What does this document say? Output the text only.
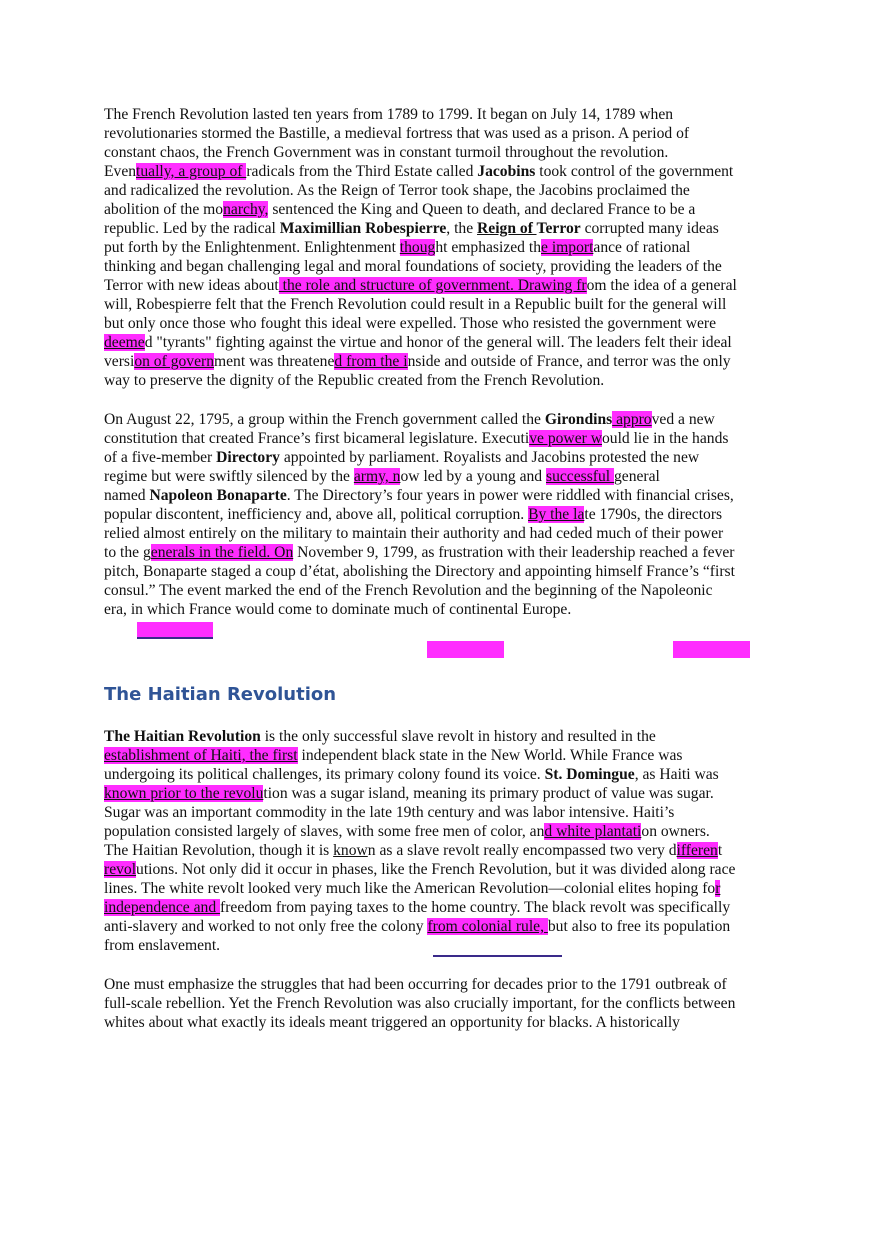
The French Revolution lasted ten years from 1789 to 1799. It began on July 14, 1789 when
revolutionaries stormed the Bastille, a medieval fortress that was used as a prison. A period of
constant chaos, the French Government was in constant turmoil throughout the revolution.
Eventually, a group of radicals from the Third Estate called Jacobins took control of the government
and radicalized the revolution. As the Reign of Terror took shape, the Jacobins proclaimed the
abolition of the monarchy, sentenced the King and Queen to death, and declared France to be a
republic. Led by the radical Maximillian Robespierre, the Reign of Terror corrupted many ideas
put forth by the Enlightenment. Enlightenment thought emphasized the importance of rational
thinking and began challenging legal and moral foundations of society, providing the leaders of the
Terror with new ideas about the role and structure of government. Drawing from the idea of a general
will, Robespierre felt that the French Revolution could result in a Republic built for the general will
but only once those who fought this ideal were expelled. Those who resisted the government were
deemed "tyrants" fighting against the virtue and honor of the general will. The leaders felt their ideal
version of government was threatened from the inside and outside of France, and terror was the only
way to preserve the dignity of the Republic created from the French Revolution.
On August 22, 1795, a group within the French government called the Girondins approved a new
constitution that created France’s first bicameral legislature. Executive power would lie in the hands
of a five-member Directory appointed by parliament. Royalists and Jacobins protested the new
regime but were swiftly silenced by the army, now led by a young and successful general
named Napoleon Bonaparte. The Directory’s four years in power were riddled with financial crises,
popular discontent, inefficiency and, above all, political corruption. By the late 1790s, the directors
relied almost entirely on the military to maintain their authority and had ceded much of their power
to the generals in the field. On November 9, 1799, as frustration with their leadership reached a fever
pitch, Bonaparte staged a coup d’état, abolishing the Directory and appointing himself France’s “first
consul.” The event marked the end of the French Revolution and the beginning of the Napoleonic
era, in which France would come to dominate much of continental Europe.
The Haitian Revolution
The Haitian Revolution is the only successful slave revolt in history and resulted in the
establishment of Haiti, the first independent black state in the New World. While France was
undergoing its political challenges, its primary colony found its voice. St. Domingue, as Haiti was
known prior to the revolution was a sugar island, meaning its primary product of value was sugar.
Sugar was an important commodity in the late 19th century and was labor intensive. Haiti’s
population consisted largely of slaves, with some free men of color, and white plantation owners.
The Haitian Revolution, though it is known as a slave revolt really encompassed two very different
revolutions. Not only did it occur in phases, like the French Revolution, but it was divided along race
lines. The white revolt looked very much like the American Revolution—colonial elites hoping for
independence and freedom from paying taxes to the home country. The black revolt was specifically
anti-slavery and worked to not only free the colony from colonial rule, but also to free its population
from enslavement.
One must emphasize the struggles that had been occurring for decades prior to the 1791 outbreak of
full-scale rebellion. Yet the French Revolution was also crucially important, for the conflicts between
whites about what exactly its ideals meant triggered an opportunity for blacks. A historically
